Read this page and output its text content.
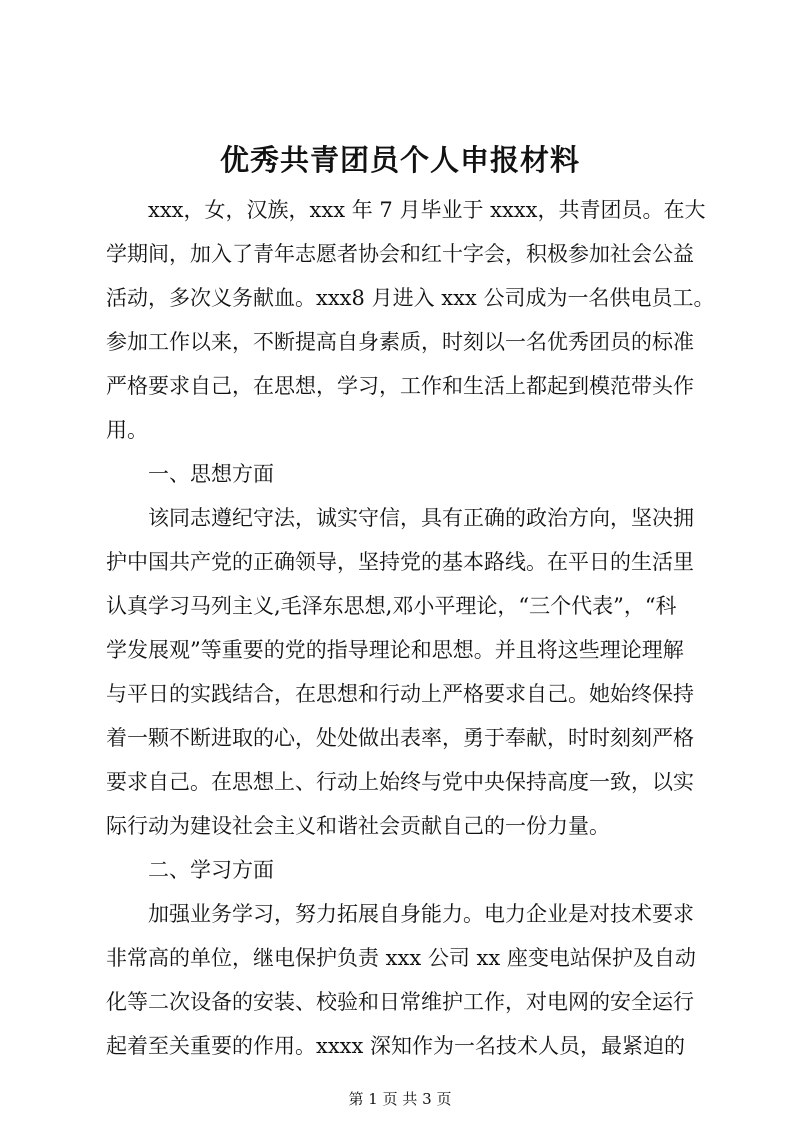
优秀共青团员个人申报材料
xxx，女，汉族，xxx 年 7 月毕业于 xxxx，共青团员。在大
学期间，加入了青年志愿者协会和红十字会，积极参加社会公益
活动，多次义务献血。xxx8 月进入 xxx 公司成为一名供电员工。
参加工作以来，不断提高自身素质，时刻以一名优秀团员的标准
严格要求自己，在思想，学习，工作和生活上都起到模范带头作
用。
一、思想方面
该同志遵纪守法，诚实守信，具有正确的政治方向，坚决拥
护中国共产党的正确领导，坚持党的基本路线。在平日的生活里
认真学习马列主义,毛泽东思想,邓小平理论，“三个代表”，“科
学发展观”等重要的党的指导理论和思想。并且将这些理论理解
与平日的实践结合，在思想和行动上严格要求自己。她始终保持
着一颗不断进取的心，处处做出表率，勇于奉献，时时刻刻严格
要求自己。在思想上、行动上始终与党中央保持高度一致，以实
际行动为建设社会主义和谐社会贡献自己的一份力量。
二、学习方面
加强业务学习，努力拓展自身能力。电力企业是对技术要求
非常高的单位，继电保护负责 xxx 公司 xx 座变电站保护及自动
化等二次设备的安装、校验和日常维护工作，对电网的安全运行
起着至关重要的作用。xxxx 深知作为一名技术人员，最紧迫的
第 1 页 共 3 页
